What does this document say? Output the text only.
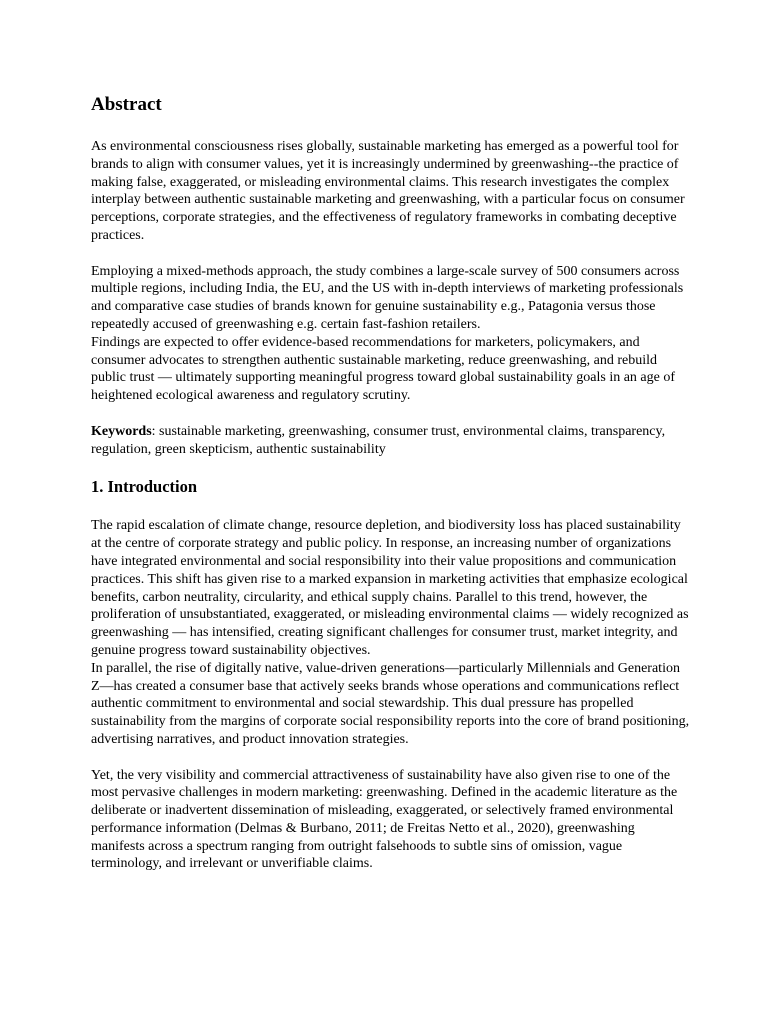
Abstract

As environmental consciousness rises globally, sustainable marketing has emerged as a powerful tool for brands to align with consumer values, yet it is increasingly undermined by greenwashing--the practice of making false, exaggerated, or misleading environmental claims. This research investigates the complex interplay between authentic sustainable marketing and greenwashing, with a particular focus on consumer perceptions, corporate strategies, and the effectiveness of regulatory frameworks in combating deceptive practices.

Employing a mixed-methods approach, the study combines a large-scale survey of 500 consumers across multiple regions, including India, the EU, and the US with in-depth interviews of marketing professionals and comparative case studies of brands known for genuine sustainability e.g., Patagonia versus those repeatedly accused of greenwashing e.g. certain fast-fashion retailers.

Findings are expected to offer evidence-based recommendations for marketers, policymakers, and consumer advocates to strengthen authentic sustainable marketing, reduce greenwashing, and rebuild public trust — ultimately supporting meaningful progress toward global sustainability goals in an age of heightened ecological awareness and regulatory scrutiny.

Keywords: sustainable marketing, greenwashing, consumer trust, environmental claims, transparency, regulation, green skepticism, authentic sustainability

1. Introduction

The rapid escalation of climate change, resource depletion, and biodiversity loss has placed sustainability at the centre of corporate strategy and public policy. In response, an increasing number of organizations have integrated environmental and social responsibility into their value propositions and communication practices. This shift has given rise to a marked expansion in marketing activities that emphasize ecological benefits, carbon neutrality, circularity, and ethical supply chains. Parallel to this trend, however, the proliferation of unsubstantiated, exaggerated, or misleading environmental claims — widely recognized as greenwashing — has intensified, creating significant challenges for consumer trust, market integrity, and genuine progress toward sustainability objectives.

In parallel, the rise of digitally native, value-driven generations—particularly Millennials and Generation Z—has created a consumer base that actively seeks brands whose operations and communications reflect authentic commitment to environmental and social stewardship. This dual pressure has propelled sustainability from the margins of corporate social responsibility reports into the core of brand positioning, advertising narratives, and product innovation strategies.

Yet, the very visibility and commercial attractiveness of sustainability have also given rise to one of the most pervasive challenges in modern marketing: greenwashing. Defined in the academic literature as the deliberate or inadvertent dissemination of misleading, exaggerated, or selectively framed environmental performance information (Delmas & Burbano, 2011; de Freitas Netto et al., 2020), greenwashing manifests across a spectrum ranging from outright falsehoods to subtle sins of omission, vague terminology, and irrelevant or unverifiable claims.
